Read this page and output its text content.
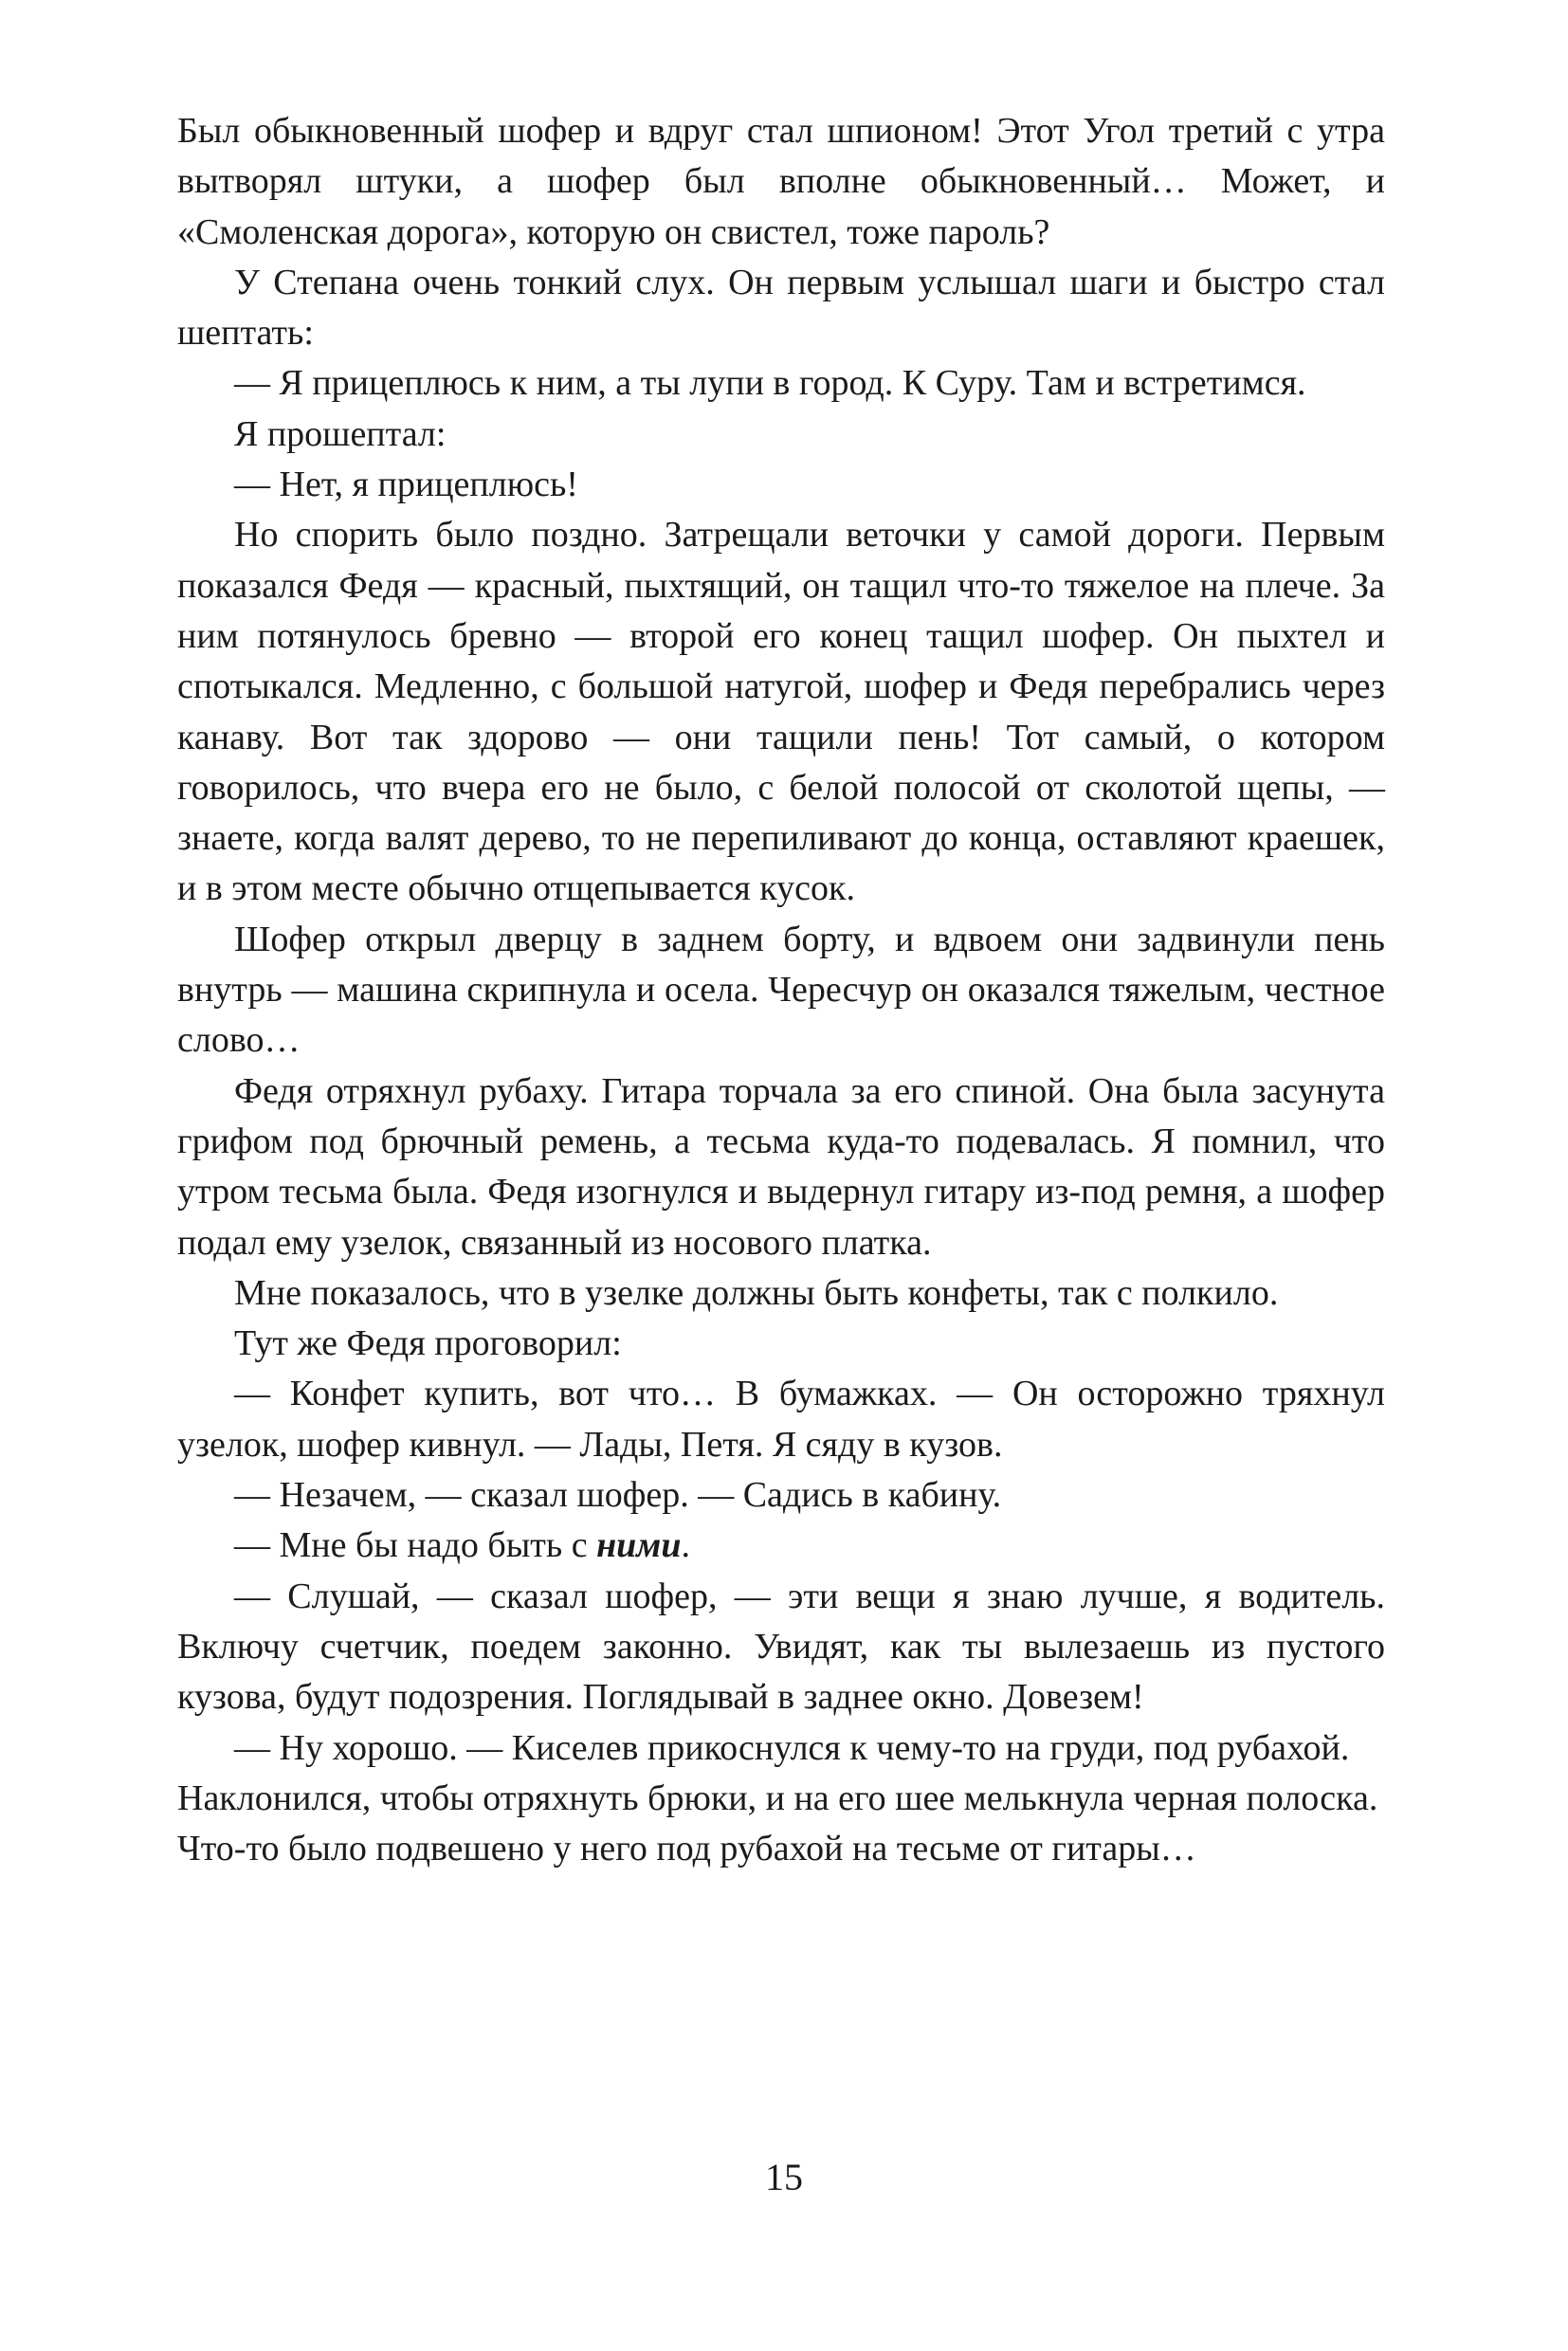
Был обыкновенный шофер и вдруг стал шпионом! Этот Угол третий с утра вытворял штуки, а шофер был вполне обыкновенный… Может, и «Смоленская дорога», которую он свистел, тоже пароль?

У Степана очень тонкий слух. Он первым услышал шаги и быстро стал шептать:

— Я прицеплюсь к ним, а ты лупи в город. К Суру. Там и встретимся.

Я прошептал:

— Нет, я прицеплюсь!

Но спорить было поздно. Затрещали веточки у самой дороги. Первым показался Федя — красный, пыхтящий, он тащил что-то тяжелое на плече. За ним потянулось бревно — второй его конец тащил шофер. Он пыхтел и спотыкался. Медленно, с большой натугой, шофер и Федя перебрались через канаву. Вот так здорово — они тащили пень! Тот самый, о котором говорилось, что вчера его не было, с белой полосой от сколотой щепы, — знаете, когда валят дерево, то не перепиливают до конца, оставляют краешек, и в этом месте обычно отщепывается кусок.

Шофер открыл дверцу в заднем борту, и вдвоем они задвинули пень внутрь — машина скрипнула и осела. Чересчур он оказался тяжелым, честное слово…

Федя отряхнул рубаху. Гитара торчала за его спиной. Она была засунута грифом под брючный ремень, а тесьма куда-то подевалась. Я помнил, что утром тесьма была. Федя изогнулся и выдернул гитару из-под ремня, а шофер подал ему узелок, связанный из носового платка.

Мне показалось, что в узелке должны быть конфеты, так с полкило.

Тут же Федя проговорил:

— Конфет купить, вот что… В бумажках. — Он осторожно тряхнул узелок, шофер кивнул. — Лады, Петя. Я сяду в кузов.

— Незачем, — сказал шофер. — Садись в кабину.

— Мне бы надо быть с ними.

— Слушай, — сказал шофер, — эти вещи я знаю лучше, я водитель. Включу счетчик, поедем законно. Увидят, как ты вылезаешь из пустого кузова, будут подозрения. Поглядывай в заднее окно. Довезем!

— Ну хорошо. — Киселев прикоснулся к чему-то на груди, под рубахой. Наклонился, чтобы отряхнуть брюки, и на его шее мелькнула черная полоска. Что-то было подвешено у него под рубахой на тесьме от гитары…

15
